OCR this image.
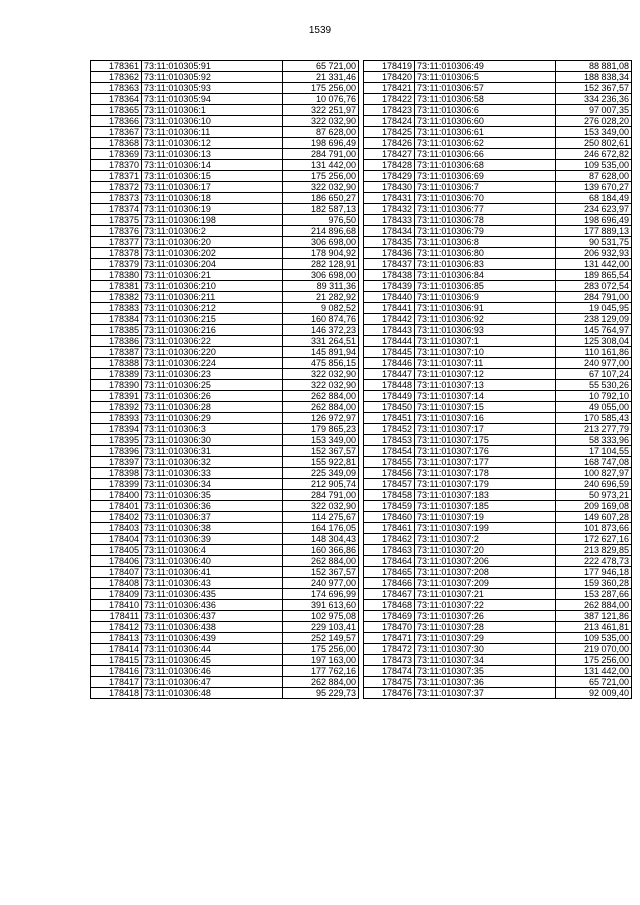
1539
178361	73:11:010305:91	65 721,00
178362	73:11:010305:92	21 331,46
178363	73:11:010305:93	175 256,00
178364	73:11:010305:94	10 076,76
178365	73:11:010306:1	322 251,97
178366	73:11:010306:10	322 032,90
178367	73:11:010306:11	87 628,00
178368	73:11:010306:12	198 696,49
178369	73:11:010306:13	284 791,00
178370	73:11:010306:14	131 442,00
178371	73:11:010306:15	175 256,00
178372	73:11:010306:17	322 032,90
178373	73:11:010306:18	186 650,27
178374	73:11:010306:19	182 587,13
178375	73:11:010306:198	976,50
178376	73:11:010306:2	214 896,68
178377	73:11:010306:20	306 698,00
178378	73:11:010306:202	178 904,92
178379	73:11:010306:204	282 128,91
178380	73:11:010306:21	306 698,00
178381	73:11:010306:210	89 311,36
178382	73:11:010306:211	21 282,92
178383	73:11:010306:212	9 082,52
178384	73:11:010306:215	160 874,76
178385	73:11:010306:216	146 372,23
178386	73:11:010306:22	331 264,51
178387	73:11:010306:220	145 891,94
178388	73:11:010306:224	475 856,15
178389	73:11:010306:23	322 032,90
178390	73:11:010306:25	322 032,90
178391	73:11:010306:26	262 884,00
178392	73:11:010306:28	262 884,00
178393	73:11:010306:29	126 972,97
178394	73:11:010306:3	179 865,23
178395	73:11:010306:30	153 349,00
178396	73:11:010306:31	152 367,57
178397	73:11:010306:32	155 922,81
178398	73:11:010306:33	225 349,09
178399	73:11:010306:34	212 905,74
178400	73:11:010306:35	284 791,00
178401	73:11:010306:36	322 032,90
178402	73:11:010306:37	114 275,67
178403	73:11:010306:38	164 176,05
178404	73:11:010306:39	148 304,43
178405	73:11:010306:4	160 366,86
178406	73:11:010306:40	262 884,00
178407	73:11:010306:41	152 367,57
178408	73:11:010306:43	240 977,00
178409	73:11:010306:435	174 696,99
178410	73:11:010306:436	391 613,60
178411	73:11:010306:437	102 975,08
178412	73:11:010306:438	229 103,41
178413	73:11:010306:439	252 149,57
178414	73:11:010306:44	175 256,00
178415	73:11:010306:45	197 163,00
178416	73:11:010306:46	177 762,16
178417	73:11:010306:47	262 884,00
178418	73:11:010306:48	95 229,73
178419	73:11:010306:49	88 881,08
178420	73:11:010306:5	188 838,34
178421	73:11:010306:57	152 367,57
178422	73:11:010306:58	334 236,36
178423	73:11:010306:6	97 007,35
178424	73:11:010306:60	276 028,20
178425	73:11:010306:61	153 349,00
178426	73:11:010306:62	250 802,61
178427	73:11:010306:66	246 672,82
178428	73:11:010306:68	109 535,00
178429	73:11:010306:69	87 628,00
178430	73:11:010306:7	139 670,27
178431	73:11:010306:70	68 184,49
178432	73:11:010306:77	234 623,97
178433	73:11:010306:78	198 696,49
178434	73:11:010306:79	177 889,13
178435	73:11:010306:8	90 531,75
178436	73:11:010306:80	206 932,93
178437	73:11:010306:83	131 442,00
178438	73:11:010306:84	189 865,54
178439	73:11:010306:85	283 072,54
178440	73:11:010306:9	284 791,00
178441	73:11:010306:91	19 045,95
178442	73:11:010306:92	238 129,09
178443	73:11:010306:93	145 764,97
178444	73:11:010307:1	125 308,04
178445	73:11:010307:10	110 161,86
178446	73:11:010307:11	240 977,00
178447	73:11:010307:12	67 107,24
178448	73:11:010307:13	55 530,26
178449	73:11:010307:14	10 792,10
178450	73:11:010307:15	49 055,00
178451	73:11:010307:16	170 585,43
178452	73:11:010307:17	213 277,79
178453	73:11:010307:175	58 333,96
178454	73:11:010307:176	17 104,55
178455	73:11:010307:177	168 747,08
178456	73:11:010307:178	100 827,97
178457	73:11:010307:179	240 696,59
178458	73:11:010307:183	50 973,21
178459	73:11:010307:185	209 169,08
178460	73:11:010307:19	149 607,28
178461	73:11:010307:199	101 873,66
178462	73:11:010307:2	172 627,16
178463	73:11:010307:20	213 829,85
178464	73:11:010307:206	222 478,73
178465	73:11:010307:208	177 946,18
178466	73:11:010307:209	159 360,28
178467	73:11:010307:21	153 287,66
178468	73:11:010307:22	262 884,00
178469	73:11:010307:26	387 121,86
178470	73:11:010307:28	213 461,81
178471	73:11:010307:29	109 535,00
178472	73:11:010307:30	219 070,00
178473	73:11:010307:34	175 256,00
178474	73:11:010307:35	131 442,00
178475	73:11:010307:36	65 721,00
178476	73:11:010307:37	92 009,40
